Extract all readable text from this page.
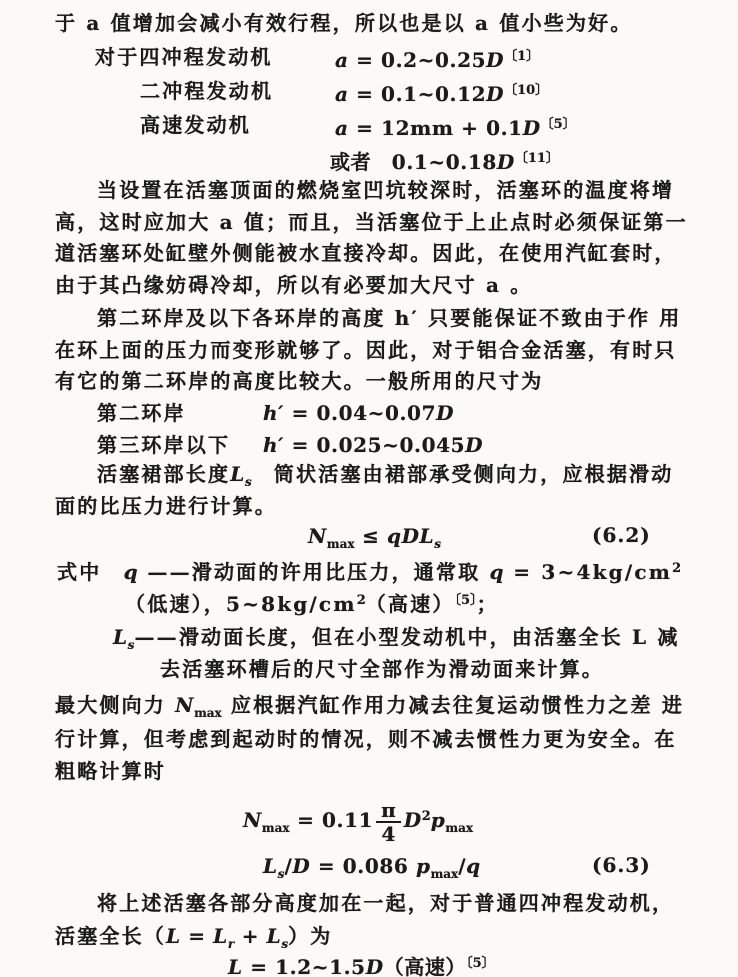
于 a 值增加会减小有效行程，所以也是以 a 值小些为好。
对于四冲程发动机	$a = 0.2\sim 0.25D^{〔1〕}$
二冲程发动机	$a = 0.1\sim 0.12D^{〔10〕}$
高速发动机	$a = 12mm + 0.1D^{〔5〕}$
或者　$0.1\sim 0.18D^{〔11〕}$
当设置在活塞顶面的燃烧室凹坑较深时，活塞环的温度将增
高，这时应加大 a 值；而且，当活塞位于上止点时必须保证第一
道活塞环处缸壁外侧能被水直接冷却。因此，在使用汽缸套时，
由于其凸缘妨碍冷却，所以有必要加大尺寸 a 。
第二环岸及以下各环岸的高度 h′ 只要能保证不致由于作 用
在环上面的压力而变形就够了。因此，对于铝合金活塞，有时只
有它的第二环岸的高度比较大。一般所用的尺寸为
第二环岸	h′ = 0.04~0.07D
第三环岸以下 h′ = 0.025~0.045D
活塞裙部长度$L_s$　筒状活塞由裙部承受侧向力，应根据滑动
面的比压力进行计算。
$N_{max} \le qDL_s$	(6.2)
式中　q ——滑动面的许用比压力，通常取 $q = 3\sim 4kg/cm^2$
（低速），$5\sim 8kg/cm^2$（高速）$^{〔5〕}$；
$L_s——$滑动面长度，但在小型发动机中，由活塞全长 L 减
去活塞环槽后的尺寸全部作为滑动面来计算。
最大侧向力 $N_{max}$ 应根据汽缸作用力减去往复运动惯性力之差 进
行计算，但考虑到起动时的情况，则不减去惯性力更为安全。在
粗略计算时
$N_{max} = 0.11 \frac{\pi}{4} D^2p_{max}$
$L_s/D = 0.086$ $p_{max}/q$	(6.3)
将上述活塞各部分高度加在一起，对于普通四冲程发动机，
活塞全长$(L = L_r + L_s)$为
L = 1.2~1.5D（高速）$^{〔5〕}$
